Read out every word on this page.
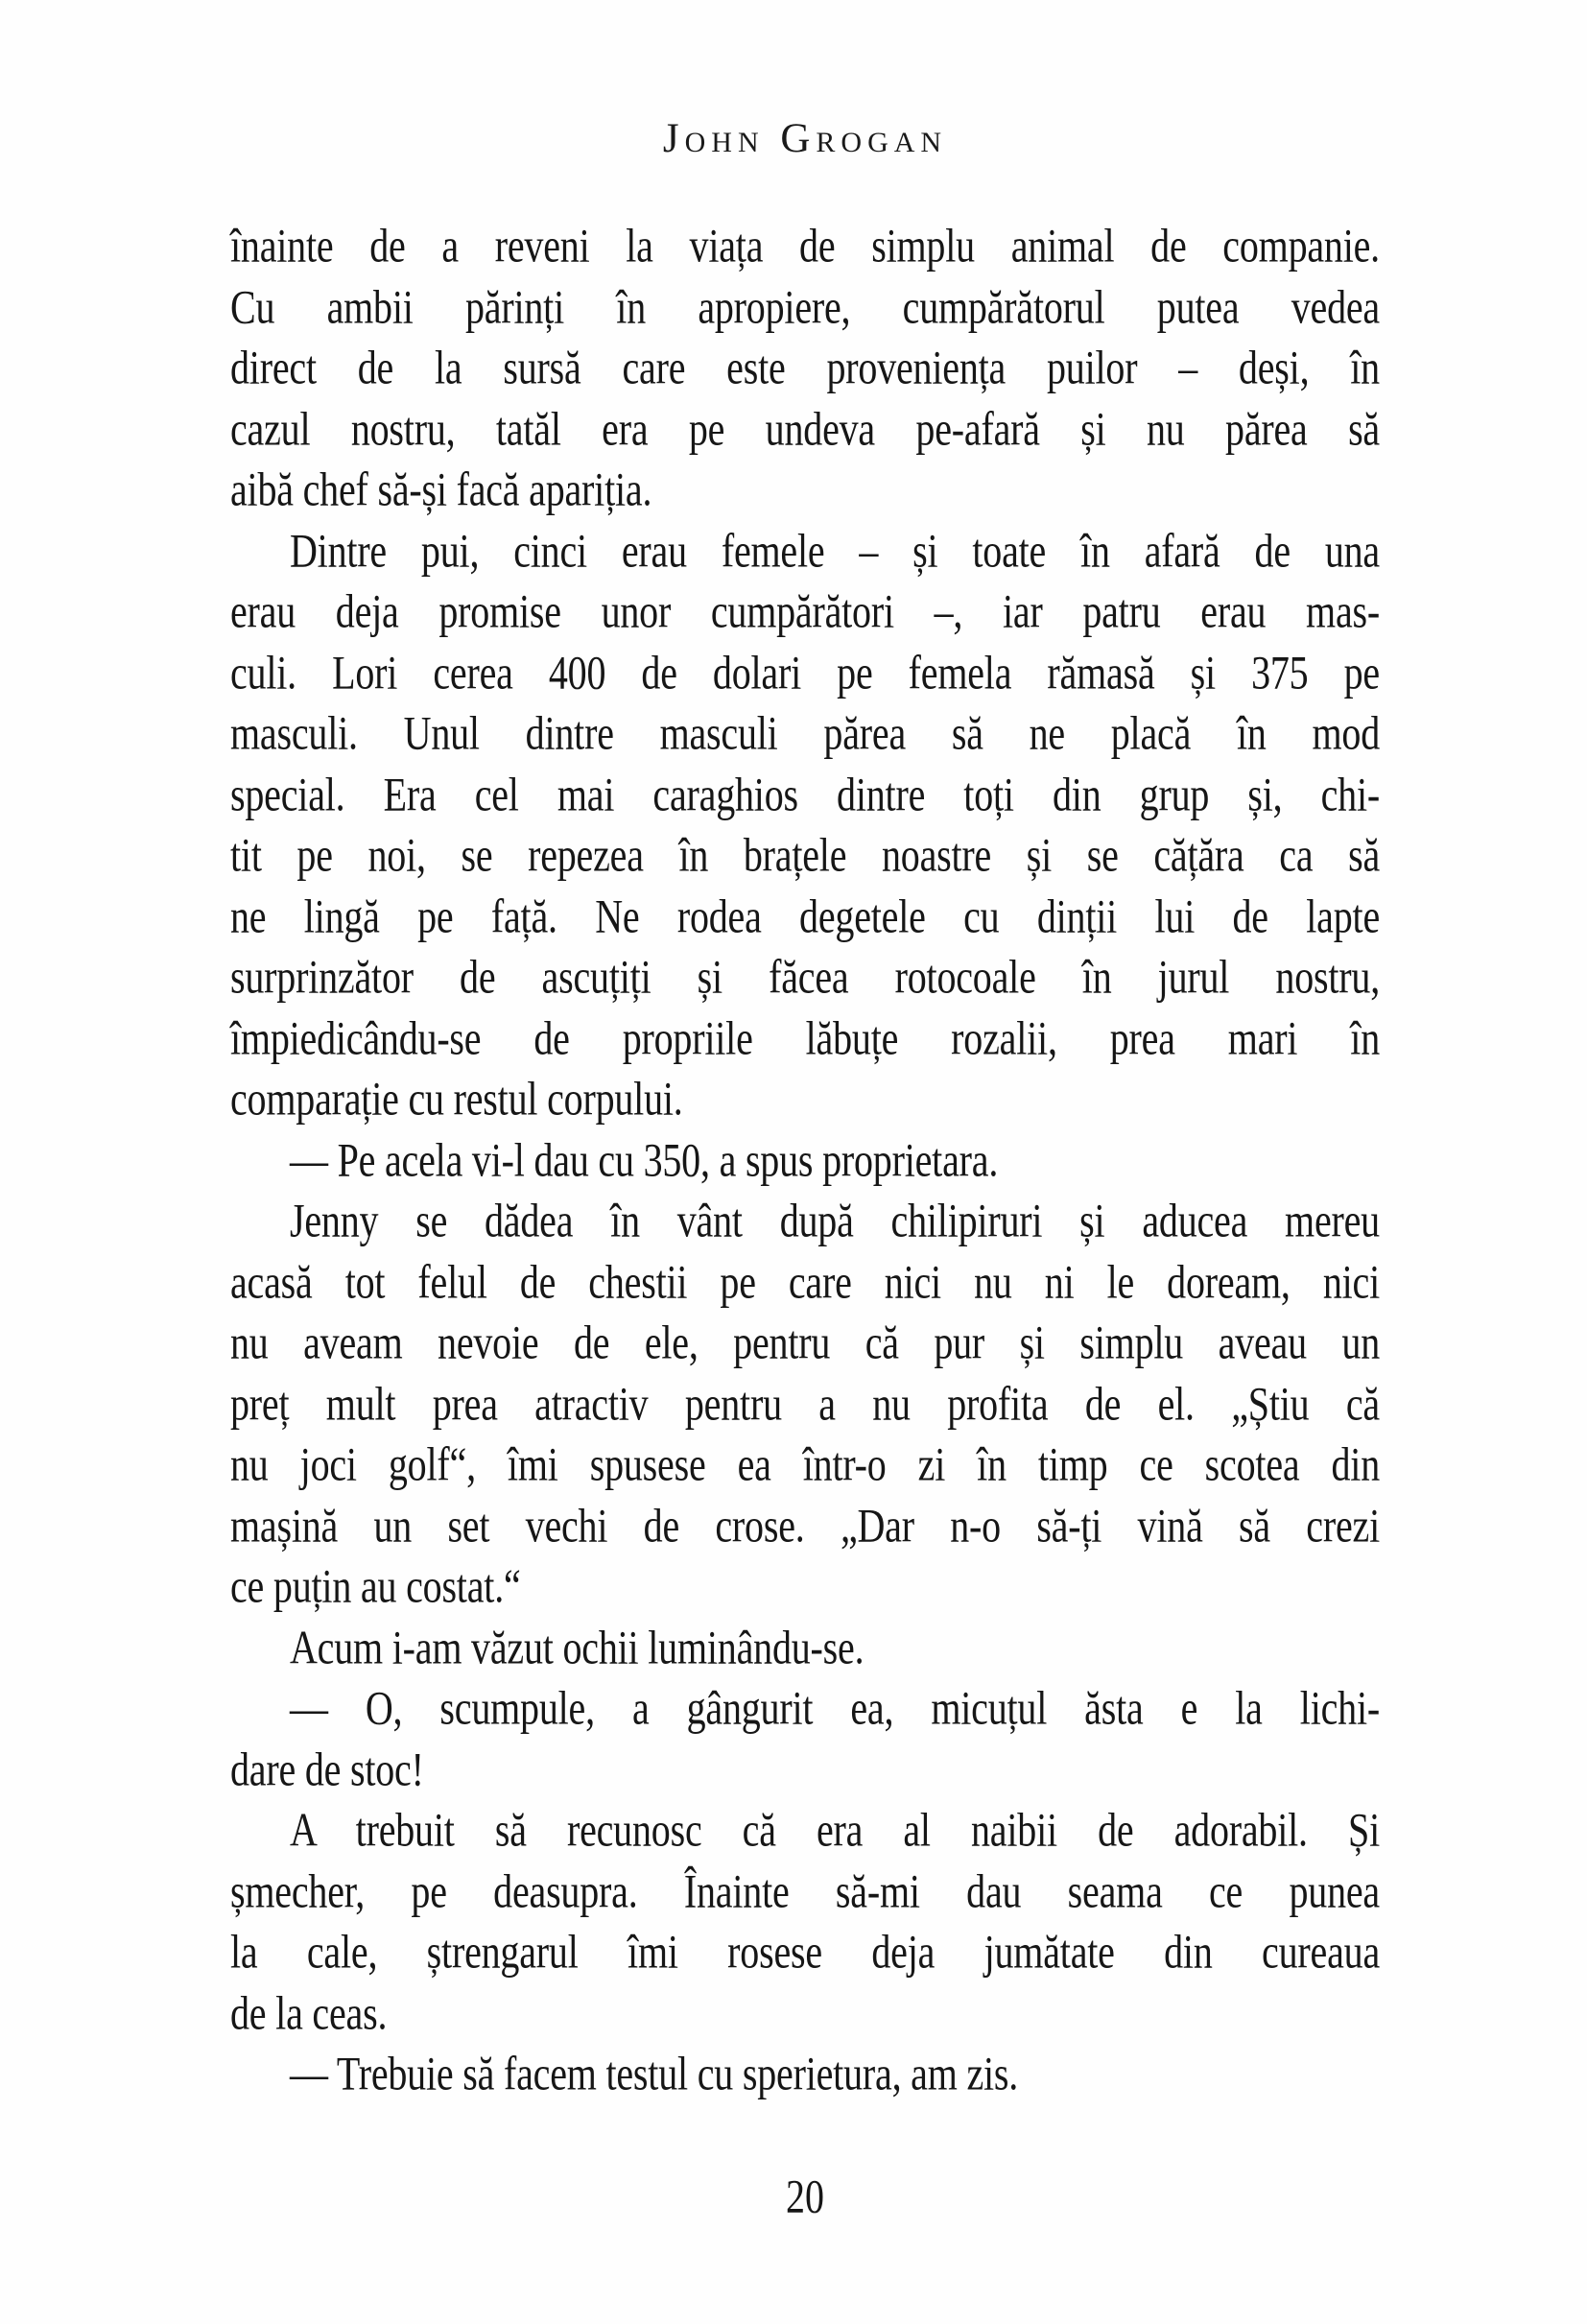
John Grogan
înainte de a reveni la viața de simplu animal de companie.
Cu ambii părinți în apropiere, cumpărătorul putea vedea
direct de la sursă care este proveniența puilor – deși, în
cazul nostru, tatăl era pe undeva pe-afară și nu părea să
aibă chef să-și facă apariția.
Dintre pui, cinci erau femele – și toate în afară de una
erau deja promise unor cumpărători –, iar patru erau mas-
culi. Lori cerea 400 de dolari pe femela rămasă și 375 pe
masculi. Unul dintre masculi părea să ne placă în mod
special. Era cel mai caraghios dintre toți din grup și, chi-
tit pe noi, se repezea în brațele noastre și se cățăra ca să
ne lingă pe față. Ne rodea degetele cu dinții lui de lapte
surprinzător de ascuțiți și făcea rotocoale în jurul nostru,
împiedicându-se de propriile lăbuțe rozalii, prea mari în
comparație cu restul corpului.
— Pe acela vi-l dau cu 350, a spus proprietara.
Jenny se dădea în vânt după chilipiruri și aducea mereu
acasă tot felul de chestii pe care nici nu ni le doream, nici
nu aveam nevoie de ele, pentru că pur și simplu aveau un
preț mult prea atractiv pentru a nu profita de el. „Știu că
nu joci golf“, îmi spusese ea într-o zi în timp ce scotea din
mașină un set vechi de crose. „Dar n-o să-ți vină să crezi
ce puțin au costat.“
Acum i-am văzut ochii luminându-se.
— O, scumpule, a gângurit ea, micuțul ăsta e la lichi-
dare de stoc!
A trebuit să recunosc că era al naibii de adorabil. Și
șmecher, pe deasupra. Înainte să-mi dau seama ce punea
la cale, ștrengarul îmi rosese deja jumătate din cureaua
de la ceas.
— Trebuie să facem testul cu sperietura, am zis.
20
